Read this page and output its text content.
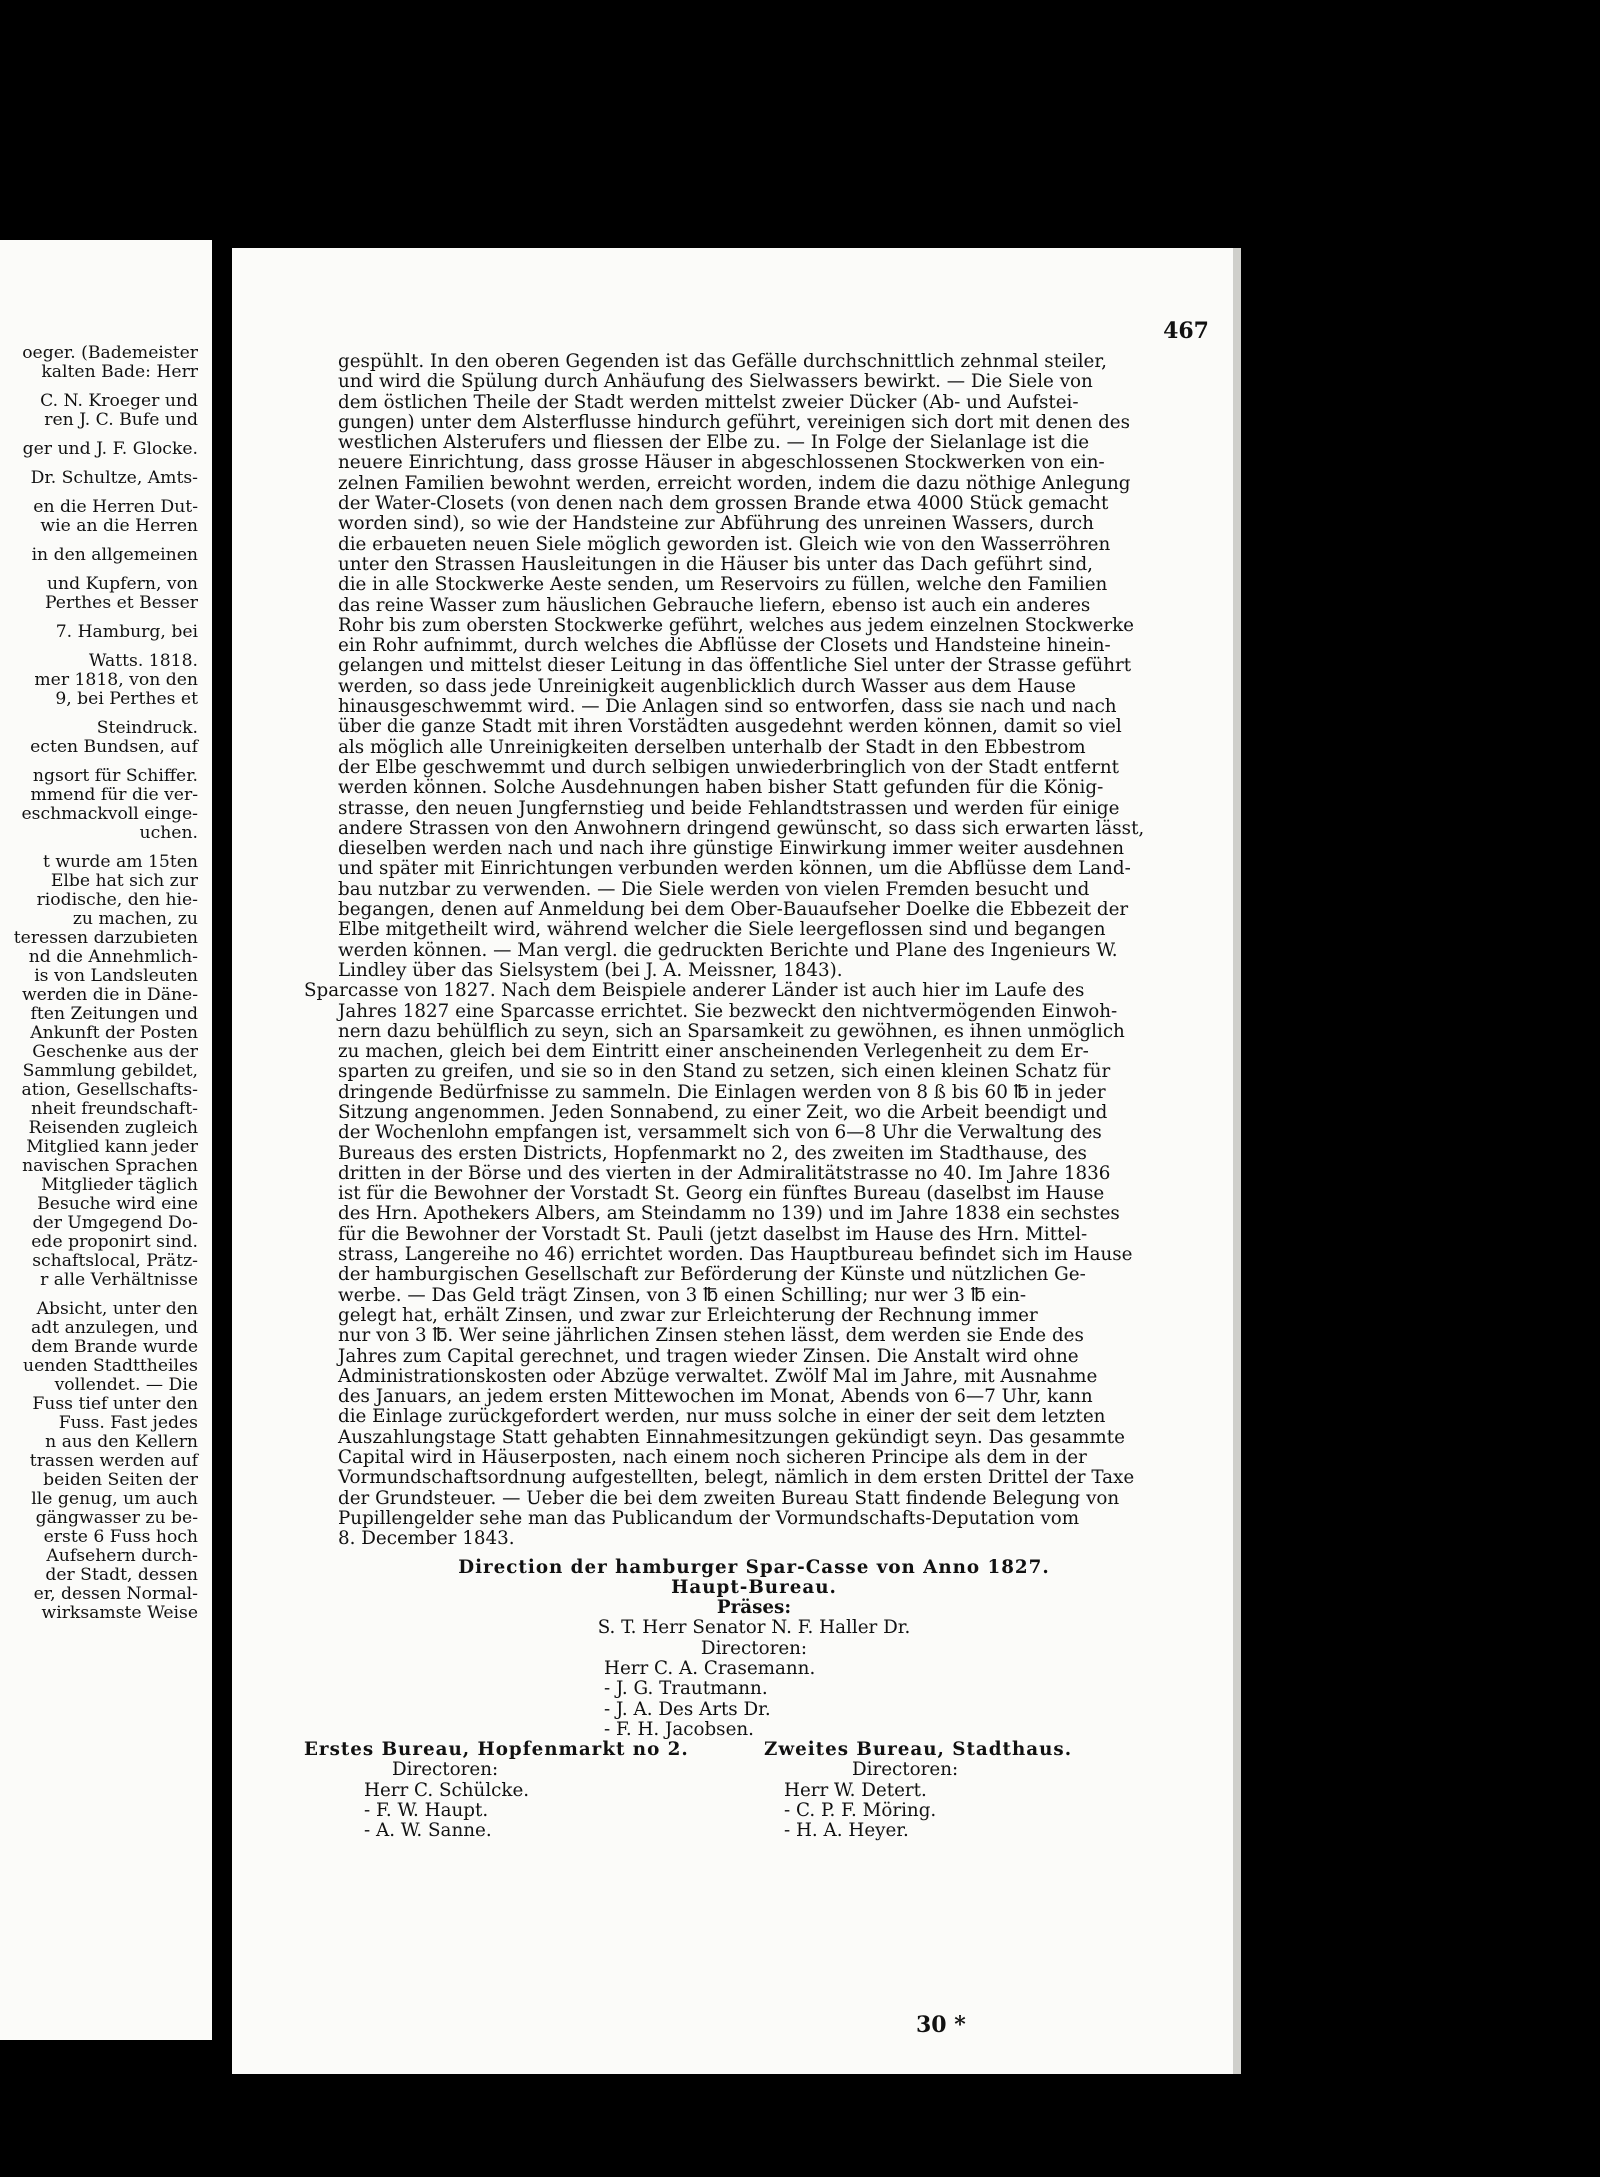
oeger. (Bademeister
kalten Bade: Herr
C. N. Kroeger und
ren J. C. Bufe und
ger und J. F. Glocke.
Dr. Schultze, Amts-
en die Herren Dut-
wie an die Herren
in den allgemeinen
und Kupfern, von
Perthes et Besser
7. Hamburg, bei
Watts. 1818.
mer 1818, von den
9, bei Perthes et
Steindruck.
ecten Bundsen, auf
ngsort für Schiffer.
mmend für die ver-
eschmackvoll einge-
uchen.
t wurde am 15ten
Elbe hat sich zur
riodische, den hie-
zu machen, zu
teressen darzubieten
nd die Annehmlich-
is von Landsleuten
werden die in Däne-
ften Zeitungen und
Ankunft der Posten
Geschenke aus der
Sammlung gebildet,
ation, Gesellschafts-
nheit freundschaft-
Reisenden zugleich
Mitglied kann jeder
navischen Sprachen
Mitglieder täglich
Besuche wird eine
der Umgegend Do-
ede proponirt sind.
schaftslocal, Prätz-
r alle Verhältnisse
Absicht, unter den
adt anzulegen, und
dem Brande wurde
uenden Stadttheiles
vollendet. — Die
Fuss tief unter den
Fuss. Fast jedes
n aus den Kellern
trassen werden auf
beiden Seiten der
lle genug, um auch
gängwasser zu be-
erste 6 Fuss hoch
Aufsehern durch-
der Stadt, dessen
er, dessen Normal-
wirksamste Weise
467
gespühlt. In den oberen Gegenden ist das Gefälle durchschnittlich zehnmal steiler,
und wird die Spülung durch Anhäufung des Sielwassers bewirkt. — Die Siele von
dem östlichen Theile der Stadt werden mittelst zweier Dücker (Ab- und Aufstei-
gungen) unter dem Alsterflusse hindurch geführt, vereinigen sich dort mit denen des
westlichen Alsterufers und fliessen der Elbe zu. — In Folge der Sielanlage ist die
neuere Einrichtung, dass grosse Häuser in abgeschlossenen Stockwerken von ein-
zelnen Familien bewohnt werden, erreicht worden, indem die dazu nöthige Anlegung
der Water-Closets (von denen nach dem grossen Brande etwa 4000 Stück gemacht
worden sind), so wie der Handsteine zur Abführung des unreinen Wassers, durch
die erbaueten neuen Siele möglich geworden ist. Gleich wie von den Wasserröhren
unter den Strassen Hausleitungen in die Häuser bis unter das Dach geführt sind,
die in alle Stockwerke Aeste senden, um Reservoirs zu füllen, welche den Familien
das reine Wasser zum häuslichen Gebrauche liefern, ebenso ist auch ein anderes
Rohr bis zum obersten Stockwerke geführt, welches aus jedem einzelnen Stockwerke
ein Rohr aufnimmt, durch welches die Abflüsse der Closets und Handsteine hinein-
gelangen und mittelst dieser Leitung in das öffentliche Siel unter der Strasse geführt
werden, so dass jede Unreinigkeit augenblicklich durch Wasser aus dem Hause
hinausgeschwemmt wird. — Die Anlagen sind so entworfen, dass sie nach und nach
über die ganze Stadt mit ihren Vorstädten ausgedehnt werden können, damit so viel
als möglich alle Unreinigkeiten derselben unterhalb der Stadt in den Ebbestrom
der Elbe geschwemmt und durch selbigen unwiederbringlich von der Stadt entfernt
werden können. Solche Ausdehnungen haben bisher Statt gefunden für die König-
strasse, den neuen Jungfernstieg und beide Fehlandtstrassen und werden für einige
andere Strassen von den Anwohnern dringend gewünscht, so dass sich erwarten lässt,
dieselben werden nach und nach ihre günstige Einwirkung immer weiter ausdehnen
und später mit Einrichtungen verbunden werden können, um die Abflüsse dem Land-
bau nutzbar zu verwenden. — Die Siele werden von vielen Fremden besucht und
begangen, denen auf Anmeldung bei dem Ober-Bauaufseher Doelke die Ebbezeit der
Elbe mitgetheilt wird, während welcher die Siele leergeflossen sind und begangen
werden können. — Man vergl. die gedruckten Berichte und Plane des Ingenieurs W.
Lindley über das Sielsystem (bei J. A. Meissner, 1843).
Sparcasse von 1827. Nach dem Beispiele anderer Länder ist auch hier im Laufe des
Jahres 1827 eine Sparcasse errichtet. Sie bezweckt den nichtvermögenden Einwoh-
nern dazu behülflich zu seyn, sich an Sparsamkeit zu gewöhnen, es ihnen unmöglich
zu machen, gleich bei dem Eintritt einer anscheinenden Verlegenheit zu dem Er-
sparten zu greifen, und sie so in den Stand zu setzen, sich einen kleinen Schatz für
dringende Bedürfnisse zu sammeln. Die Einlagen werden von 8 ß bis 60 ℔ in jeder
Sitzung angenommen. Jeden Sonnabend, zu einer Zeit, wo die Arbeit beendigt und
der Wochenlohn empfangen ist, versammelt sich von 6—8 Uhr die Verwaltung des
Bureaus des ersten Districts, Hopfenmarkt no 2, des zweiten im Stadthause, des
dritten in der Börse und des vierten in der Admiralitätstrasse no 40. Im Jahre 1836
ist für die Bewohner der Vorstadt St. Georg ein fünftes Bureau (daselbst im Hause
des Hrn. Apothekers Albers, am Steindamm no 139) und im Jahre 1838 ein sechstes
für die Bewohner der Vorstadt St. Pauli (jetzt daselbst im Hause des Hrn. Mittel-
strass, Langereihe no 46) errichtet worden. Das Hauptbureau befindet sich im Hause
der hamburgischen Gesellschaft zur Beförderung der Künste und nützlichen Ge-
werbe. — Das Geld trägt Zinsen, von 3 ℔ einen Schilling; nur wer 3 ℔ ein-
gelegt hat, erhält Zinsen, und zwar zur Erleichterung der Rechnung immer
nur von 3 ℔. Wer seine jährlichen Zinsen stehen lässt, dem werden sie Ende des
Jahres zum Capital gerechnet, und tragen wieder Zinsen. Die Anstalt wird ohne
Administrationskosten oder Abzüge verwaltet. Zwölf Mal im Jahre, mit Ausnahme
des Januars, an jedem ersten Mittewochen im Monat, Abends von 6—7 Uhr, kann
die Einlage zurückgefordert werden, nur muss solche in einer der seit dem letzten
Auszahlungstage Statt gehabten Einnahmesitzungen gekündigt seyn. Das gesammte
Capital wird in Häuserposten, nach einem noch sicheren Principe als dem in der
Vormundschaftsordnung aufgestellten, belegt, nämlich in dem ersten Drittel der Taxe
der Grundsteuer. — Ueber die bei dem zweiten Bureau Statt findende Belegung von
Pupillengelder sehe man das Publicandum der Vormundschafts-Deputation vom
8. December 1843.
Direction der hamburger Spar-Casse von Anno 1827.
Haupt-Bureau.
Präses:
S. T. Herr Senator N. F. Haller Dr.
Directoren:
Herr C. A. Crasemann.
- J. G. Trautmann.
- J. A. Des Arts Dr.
- F. H. Jacobsen.
Erstes Bureau, Hopfenmarkt no 2.
Directoren:
Herr C. Schülcke.
- F. W. Haupt.
- A. W. Sanne.
Zweites Bureau, Stadthaus.
Directoren:
Herr W. Detert.
- C. P. F. Möring.
- H. A. Heyer.
30 *
